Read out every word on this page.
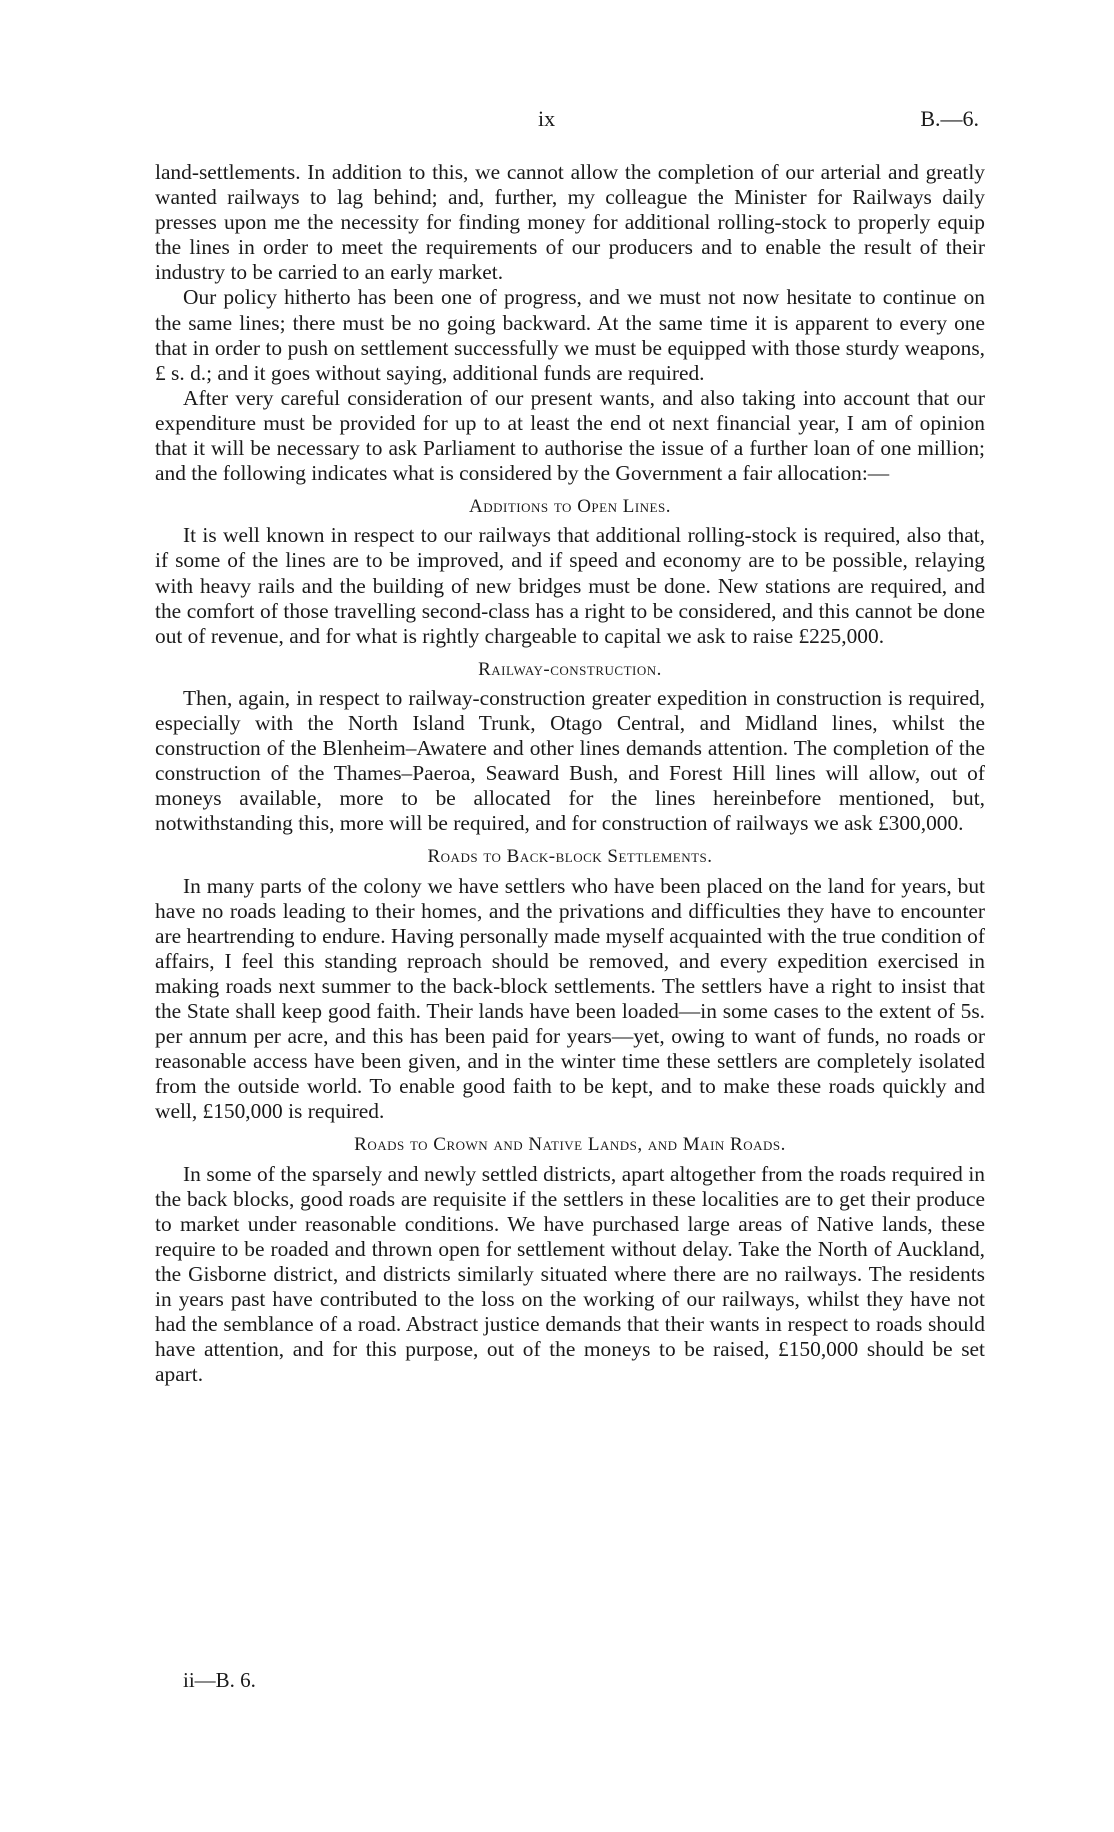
ix	B.—6.

land-settlements. In addition to this, we cannot allow the completion of our arterial and greatly wanted railways to lag behind; and, further, my colleague the Minister for Railways daily presses upon me the necessity for finding money for additional rolling-stock to properly equip the lines in order to meet the requirements of our producers and to enable the result of their industry to be carried to an early market.

Our policy hitherto has been one of progress, and we must not now hesitate to continue on the same lines; there must be no going backward. At the same time it is apparent to every one that in order to push on settlement successfully we must be equipped with those sturdy weapons, £ s. d.; and it goes without saying, additional funds are required.

After very careful consideration of our present wants, and also taking into account that our expenditure must be provided for up to at least the end ot next financial year, I am of opinion that it will be necessary to ask Parliament to authorise the issue of a further loan of one million; and the following indicates what is considered by the Government a fair allocation:—

Additions to Open Lines.

It is well known in respect to our railways that additional rolling-stock is required, also that, if some of the lines are to be improved, and if speed and economy are to be possible, relaying with heavy rails and the building of new bridges must be done. New stations are required, and the comfort of those travelling second-class has a right to be considered, and this cannot be done out of revenue, and for what is rightly chargeable to capital we ask to raise £225,000.

Railway-construction.

Then, again, in respect to railway-construction greater expedition in construction is required, especially with the North Island Trunk, Otago Central, and Midland lines, whilst the construction of the Blenheim–Awatere and other lines demands attention. The completion of the construction of the Thames–Paeroa, Seaward Bush, and Forest Hill lines will allow, out of moneys available, more to be allocated for the lines hereinbefore mentioned, but, notwithstanding this, more will be required, and for construction of railways we ask £300,000.

Roads to Back-block Settlements.

In many parts of the colony we have settlers who have been placed on the land for years, but have no roads leading to their homes, and the privations and difficulties they have to encounter are heartrending to endure. Having personally made myself acquainted with the true condition of affairs, I feel this standing reproach should be removed, and every expedition exercised in making roads next summer to the back-block settlements. The settlers have a right to insist that the State shall keep good faith. Their lands have been loaded—in some cases to the extent of 5s. per annum per acre, and this has been paid for years—yet, owing to want of funds, no roads or reasonable access have been given, and in the winter time these settlers are completely isolated from the outside world. To enable good faith to be kept, and to make these roads quickly and well, £150,000 is required.

Roads to Crown and Native Lands, and Main Roads.

In some of the sparsely and newly settled districts, apart altogether from the roads required in the back blocks, good roads are requisite if the settlers in these localities are to get their produce to market under reasonable conditions. We have purchased large areas of Native lands, these require to be roaded and thrown open for settlement without delay. Take the North of Auckland, the Gisborne district, and districts similarly situated where there are no railways. The residents in years past have contributed to the loss on the working of our railways, whilst they have not had the semblance of a road. Abstract justice demands that their wants in respect to roads should have attention, and for this purpose, out of the moneys to be raised, £150,000 should be set apart.

ii—B. 6.
